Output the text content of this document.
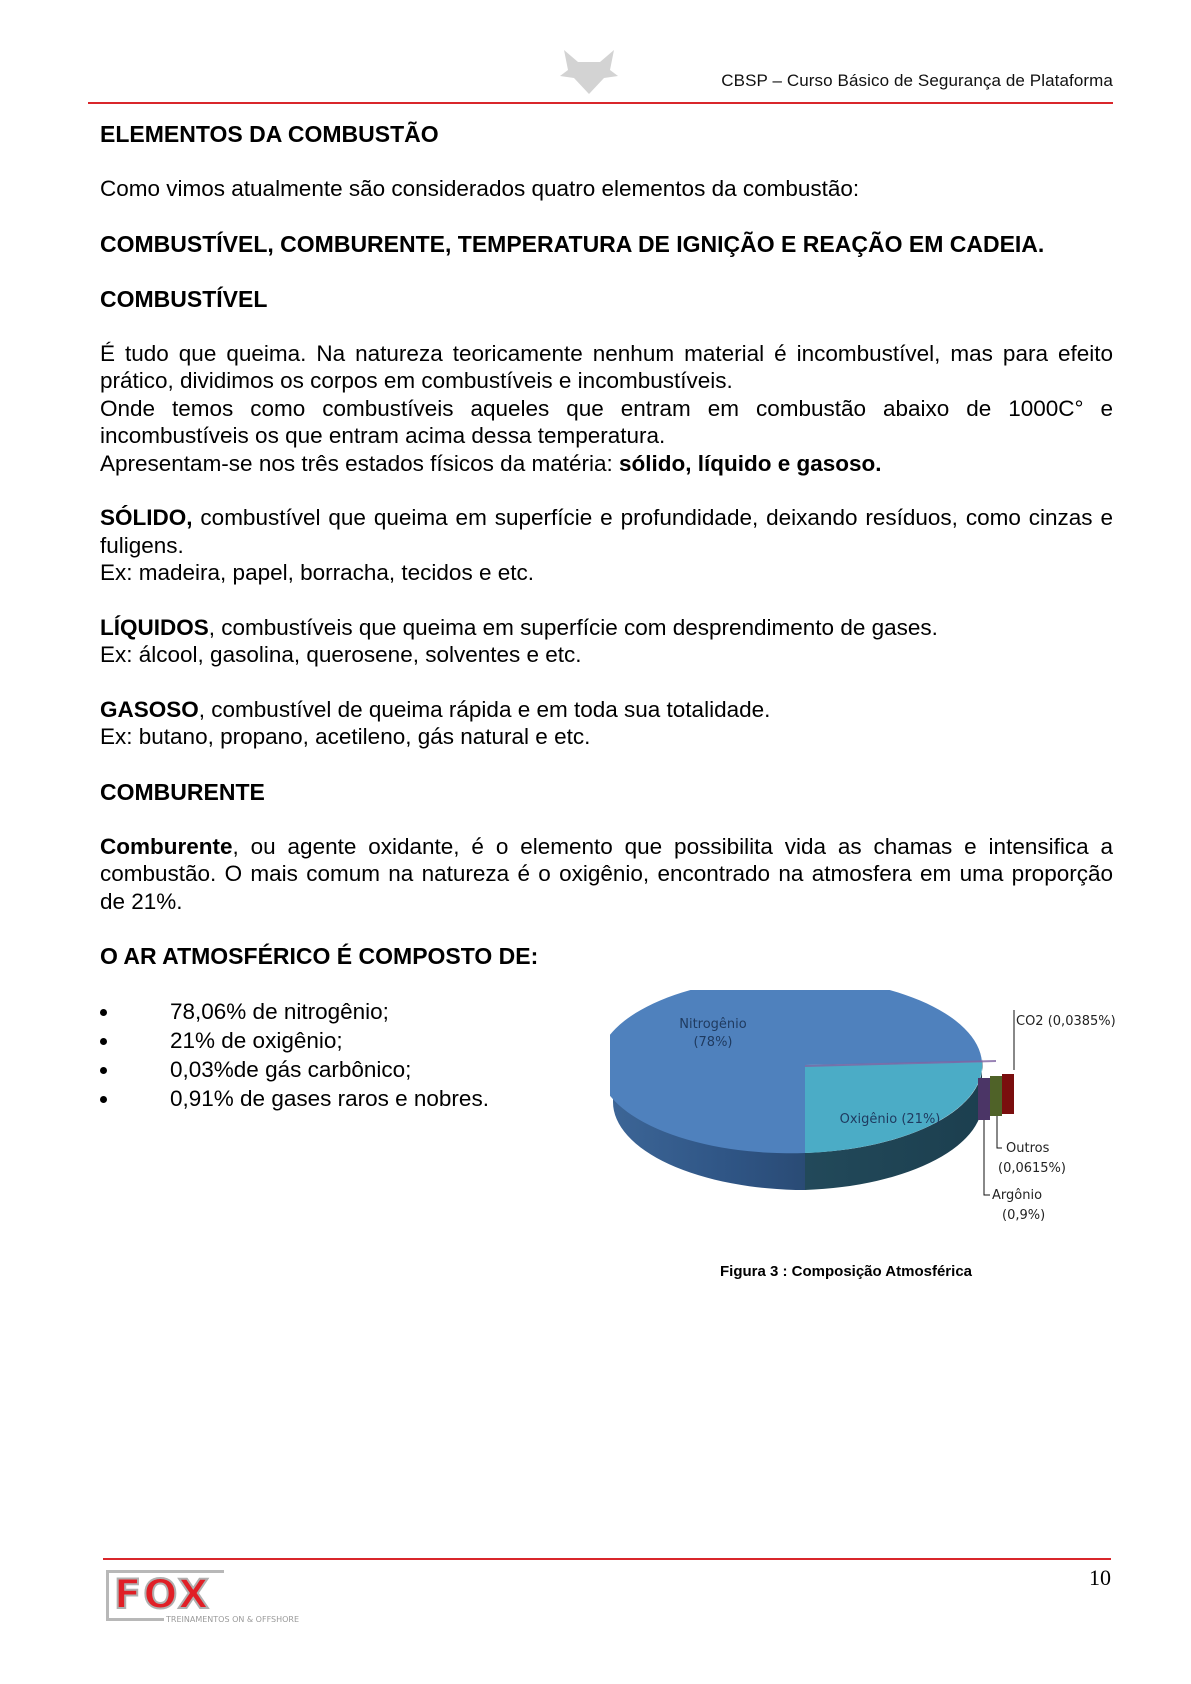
CBSP – Curso Básico de Segurança de Plataforma

ELEMENTOS DA COMBUSTÃO

Como vimos atualmente são considerados quatro elementos da combustão:

COMBUSTÍVEL, COMBURENTE, TEMPERATURA DE IGNIÇÃO E REAÇÃO EM CADEIA.

COMBUSTÍVEL

É tudo que queima. Na natureza teoricamente nenhum material é incombustível, mas para efeito prático, dividimos os corpos em combustíveis e incombustíveis.

Onde temos como combustíveis aqueles que entram em combustão abaixo de 1000C° e incombustíveis os que entram acima dessa temperatura.

Apresentam-se nos três estados físicos da matéria: sólido, líquido e gasoso.

SÓLIDO, combustível que queima em superfície e profundidade, deixando resíduos, como cinzas e fuligens.

Ex: madeira, papel, borracha, tecidos e etc.

LÍQUIDOS, combustíveis que queima em superfície com desprendimento de gases.

Ex: álcool, gasolina, querosene, solventes e etc.

GASOSO, combustível de queima rápida e em toda sua totalidade.

Ex: butano, propano, acetileno, gás natural e etc.

COMBURENTE

Comburente, ou agente oxidante, é o elemento que possibilita vida as chamas e intensifica a combustão. O mais comum na natureza é o oxigênio, encontrado na atmosfera em uma proporção de 21%.

O AR ATMOSFÉRICO É COMPOSTO DE:

78,06% de nitrogênio;
21% de oxigênio;
0,03%de gás carbônico;
0,91% de gases raros e nobres.
Nitrogênio
(78%)
Oxigênio (21%)
CO2 (0,0385%)
Outros
(0,0615%)
Argônio
(0,9%)
Figura 3 : Composição Atmosférica
FOX
TREINAMENTOS ON & OFFSHORE
10
